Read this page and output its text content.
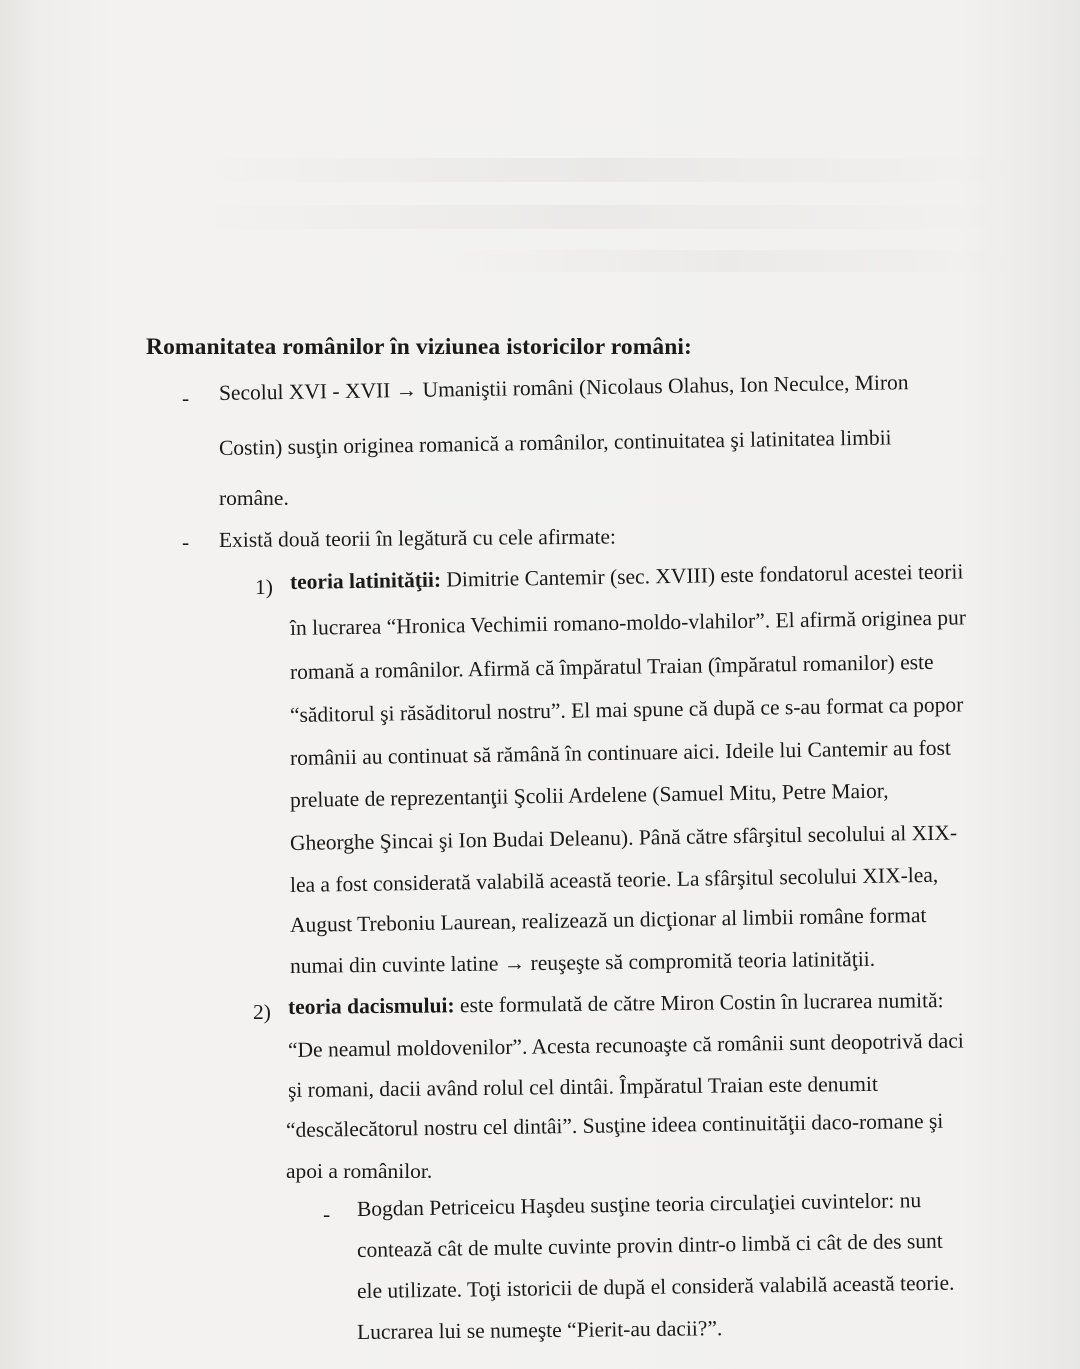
Romanitatea românilor în viziunea istoricilor români:
- Secolul XVI - XVII → Umaniştii români (Nicolaus Olahus, Ion Neculce, Miron
Costin) susţin originea romanică a românilor, continuitatea şi latinitatea limbii
române.
- Există două teorii în legătură cu cele afirmate:
1) teoria latinităţii: Dimitrie Cantemir (sec. XVIII) este fondatorul acestei teorii
în lucrarea “Hronica Vechimii romano-moldo-vlahilor”. El afirmă originea pur
romană a românilor. Afirmă că împăratul Traian (împăratul romanilor) este
“săditorul şi răsăditorul nostru”. El mai spune că după ce s-au format ca popor
românii au continuat să rămână în continuare aici. Ideile lui Cantemir au fost
preluate de reprezentanţii Şcolii Ardelene (Samuel Mitu, Petre Maior,
Gheorghe Şincai şi Ion Budai Deleanu). Până către sfârşitul secolului al XIX-
lea a fost considerată valabilă această teorie. La sfârşitul secolului XIX-lea,
August Treboniu Laurean, realizează un dicţionar al limbii române format
numai din cuvinte latine → reuşeşte să compromită teoria latinităţii.
2) teoria dacismului: este formulată de către Miron Costin în lucrarea numită:
“De neamul moldovenilor”. Acesta recunoaşte că românii sunt deopotrivă daci
şi romani, dacii având rolul cel dintâi. Împăratul Traian este denumit
“descălecătorul nostru cel dintâi”. Susţine ideea continuităţii daco-romane şi
apoi a românilor.
- Bogdan Petriceicu Haşdeu susţine teoria circulaţiei cuvintelor: nu
contează cât de multe cuvinte provin dintr-o limbă ci cât de des sunt
ele utilizate. Toţi istoricii de după el consideră valabilă această teorie.
Lucrarea lui se numeşte “Pierit-au dacii?”.
